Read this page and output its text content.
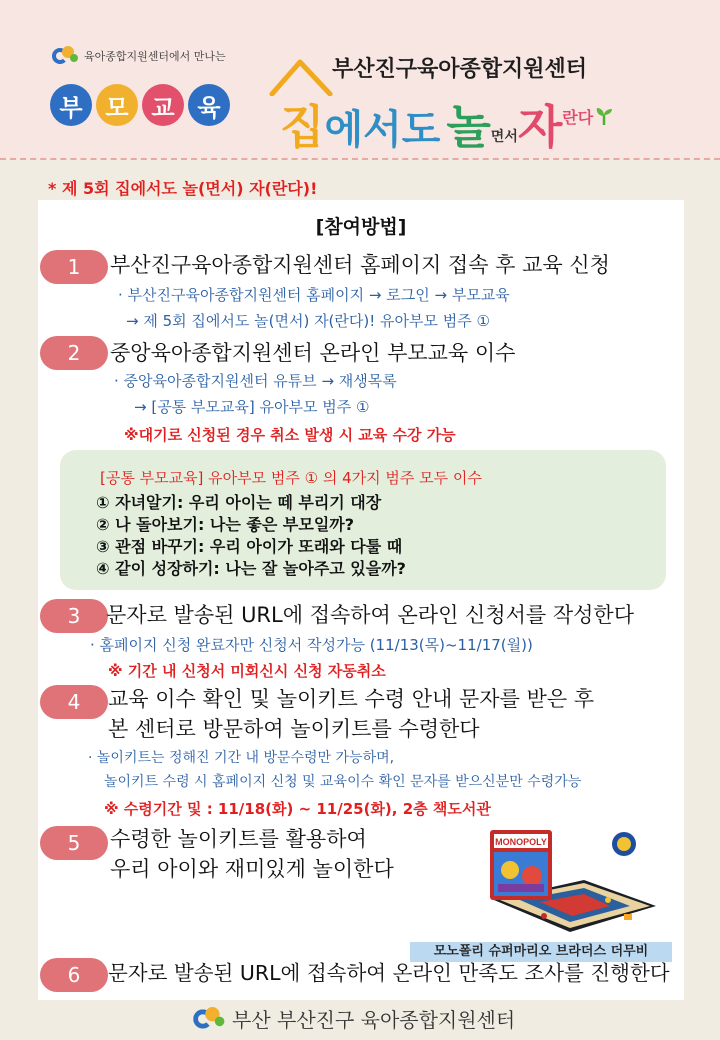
육아종합지원센터에서 만나는
부 모 교 육
부산진구육아종합지원센터
집 에서도 놀 면서 자 란다
* 제 5회 집에서도 놀(면서) 자(란다)!
[참여방법]
1	부산진구육아종합지원센터 홈페이지 접속 후 교육 신청
· 부산진구육아종합지원센터 홈페이지 → 로그인 → 부모교육
→ 제 5회 집에서도 놀(면서) 자(란다)! 유아부모 범주 ①
2	중앙육아종합지원센터 온라인 부모교육 이수
· 중앙육아종합지원센터 유튜브 → 재생목록
→ [공통 부모교육] 유아부모 범주 ①
※대기로 신청된 경우 취소 발생 시 교육 수강 가능
[공통 부모교육] 유아부모 범주 ① 의 4가지 범주 모두 이수
① 자녀알기: 우리 아이는 떼 부리기 대장
② 나 돌아보기: 나는 좋은 부모일까?
③ 관점 바꾸기: 우리 아이가 또래와 다툴 때
④ 같이 성장하기: 나는 잘 놀아주고 있을까?
3	문자로 발송된 URL에 접속하여 온라인 신청서를 작성한다
· 홈페이지 신청 완료자만 신청서 작성가능 (11/13(목)~11/17(월))
※ 기간 내 신청서 미회신시 신청 자동취소
4	교육 이수 확인 및 놀이키트 수령 안내 문자를 받은 후
본 센터로 방문하여 놀이키트를 수령한다
· 놀이키트는 정해진 기간 내 방문수령만 가능하며,
놀이키트 수령 시 홈페이지 신청 및 교육이수 확인 문자를 받으신분만 수령가능
※ 수령기간 및 : 11/18(화) ~ 11/25(화), 2층 책도서관
5	수령한 놀이키트를 활용하여
우리 아이와 재미있게 놀이한다
MONOPOLY
모노폴리 슈퍼마리오 브라더스 더무비
6	문자로 발송된 URL에 접속하여 온라인 만족도 조사를 진행한다
부산 부산진구 육아종합지원센터
